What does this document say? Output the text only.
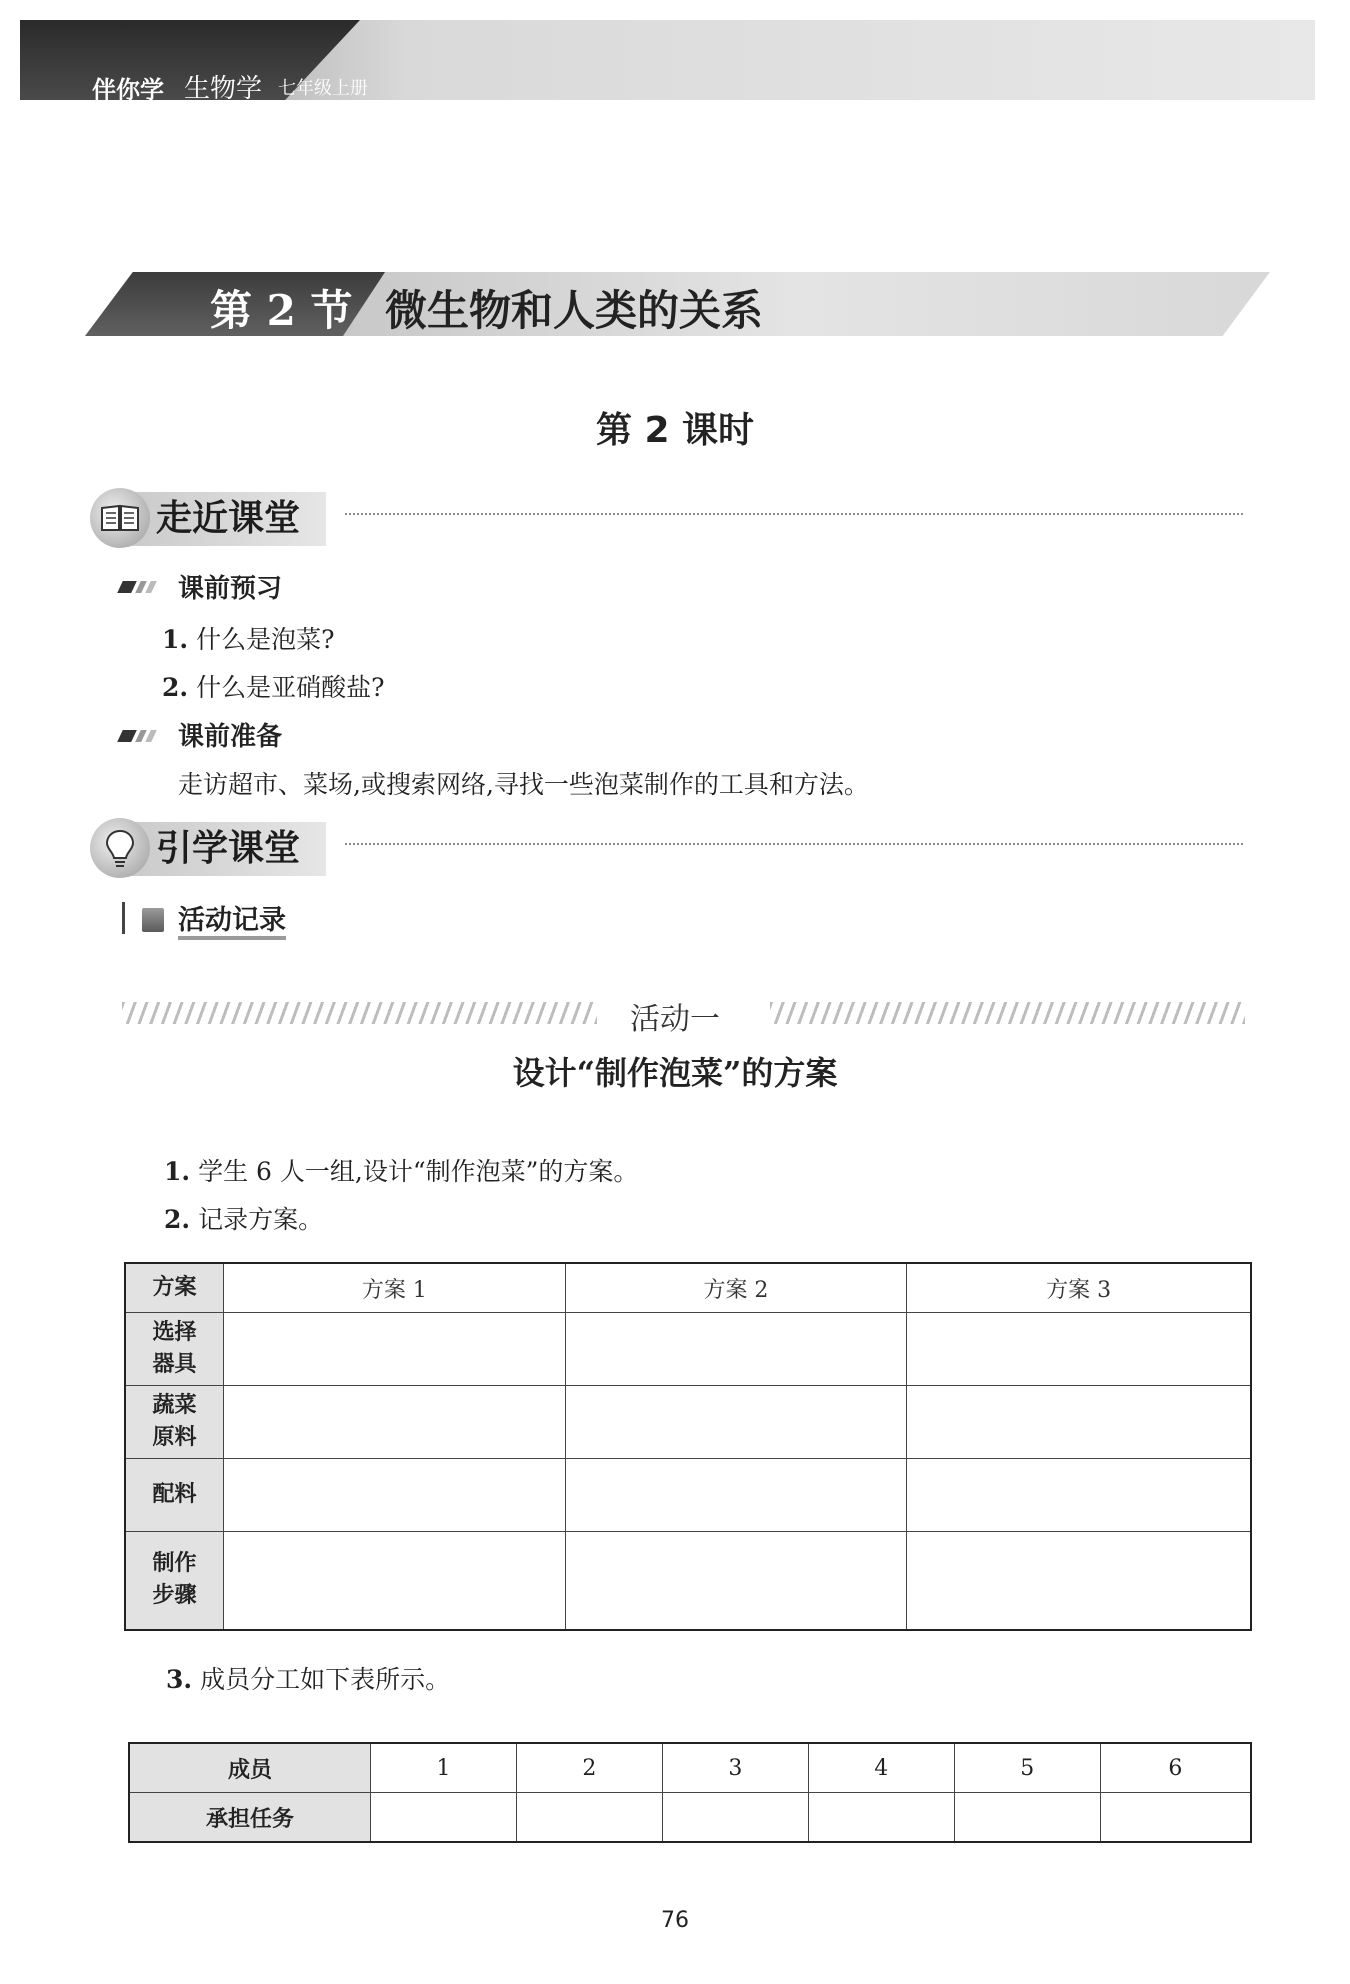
伴你学 生物学 七年级上册
第 2 节 微生物和人类的关系
第 2 课时
走近课堂
课前预习
1. 什么是泡菜?
2. 什么是亚硝酸盐?
课前准备
走访超市、菜场,或搜索网络,寻找一些泡菜制作的工具和方法。
引学课堂
活动记录
活动一
设计“制作泡菜”的方案
1. 学生 6 人一组,设计“制作泡菜”的方案。
2. 记录方案。
方案	方案 1	方案 2	方案 3

选择
器具			

蔬菜
原料			

配料			

制作
步骤			

3. 成员分工如下表所示。
成员	1	2	3	4	5	6
承担任务						
76
